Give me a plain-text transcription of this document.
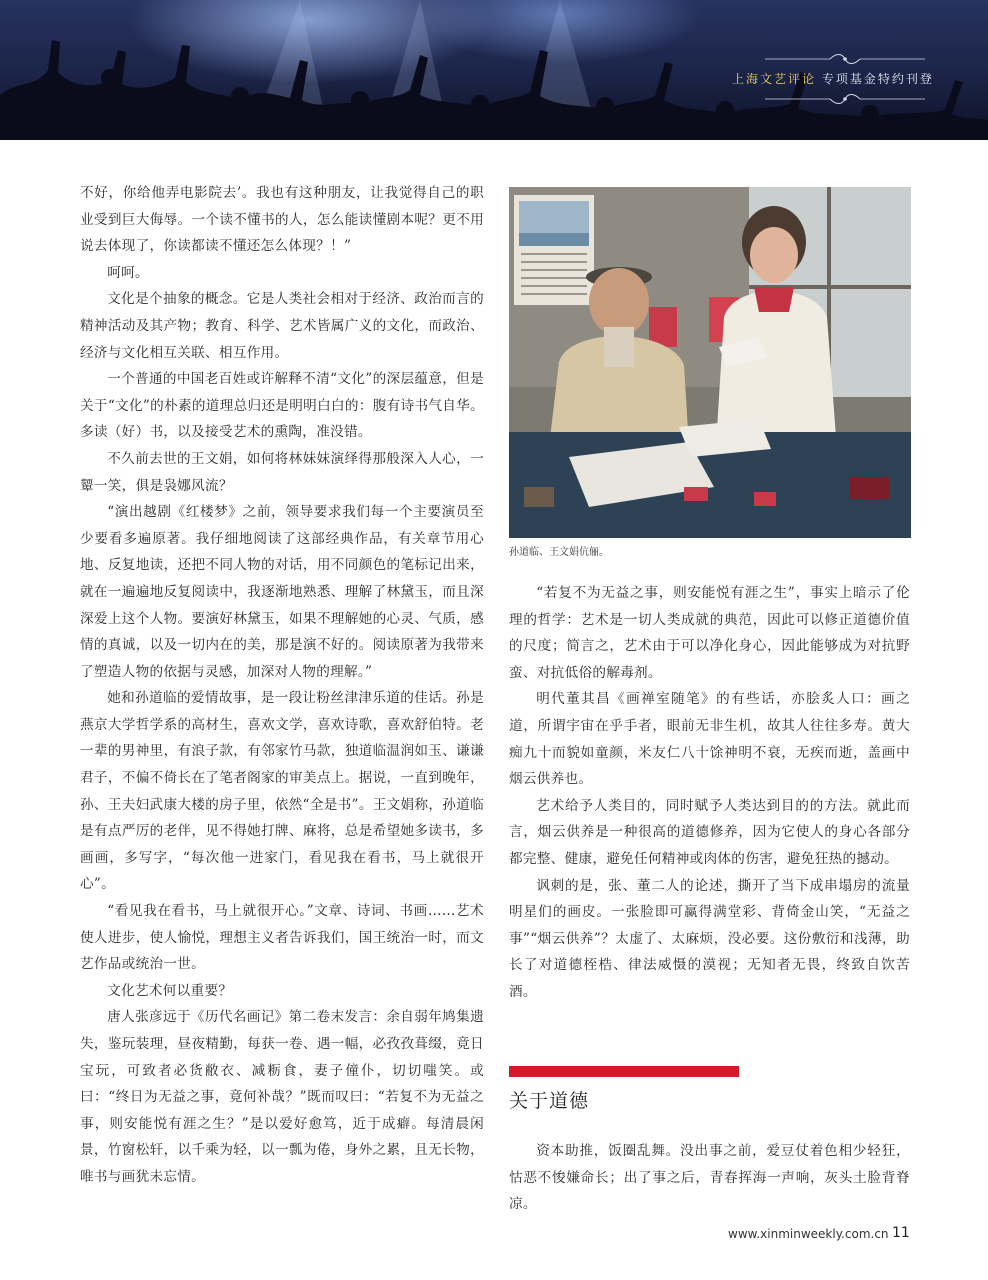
上海文艺评论 专项基金特约刊登

不好，你给他弄电影院去’。我也有这种朋友，让我觉得自己的职业受到巨大侮辱。一个读不懂书的人，怎么能读懂剧本呢？更不用说去体现了，你读都读不懂还怎么体现？！”

呵呵。

文化是个抽象的概念。它是人类社会相对于经济、政治而言的精神活动及其产物；教育、科学、艺术皆属广义的文化，而政治、经济与文化相互关联、相互作用。

一个普通的中国老百姓或许解释不清“文化”的深层蕴意，但是关于“文化”的朴素的道理总归还是明明白白的：腹有诗书气自华。多读（好）书，以及接受艺术的熏陶，准没错。

不久前去世的王文娟，如何将林妹妹演绎得那般深入人心，一颦一笑，俱是袅娜风流？

“演出越剧《红楼梦》之前，领导要求我们每一个主要演员至少要看多遍原著。我仔细地阅读了这部经典作品，有关章节用心地、反复地读，还把不同人物的对话，用不同颜色的笔标记出来，就在一遍遍地反复阅读中，我逐渐地熟悉、理解了林黛玉，而且深深爱上这个人物。要演好林黛玉，如果不理解她的心灵、气质，感情的真诚，以及一切内在的美，那是演不好的。阅读原著为我带来了塑造人物的依据与灵感，加深对人物的理解。”

她和孙道临的爱情故事，是一段让粉丝津津乐道的佳话。孙是燕京大学哲学系的高材生，喜欢文学，喜欢诗歌，喜欢舒伯特。老一辈的男神里，有浪子款，有邻家竹马款，独道临温润如玉、谦谦君子，不偏不倚长在了笔者阁家的审美点上。据说，一直到晚年，孙、王夫妇武康大楼的房子里，依然“全是书”。王文娟称，孙道临是有点严厉的老伴，见不得她打牌、麻将，总是希望她多读书，多画画，多写字，“每次他一进家门，看见我在看书，马上就很开心”。

“看见我在看书，马上就很开心。”文章、诗词、书画……艺术使人进步，使人愉悦，理想主义者告诉我们，国王统治一时，而文艺作品或统治一世。

文化艺术何以重要？

唐人张彦远于《历代名画记》第二卷末发言：余自弱年鸠集遗失，鉴玩装理，昼夜精勤，每获一卷、遇一幅，必孜孜葺缀，竟日宝玩，可致者必货敝衣、减粝食，妻子僮仆，切切嗤笑。或曰：“终日为无益之事，竟何补哉？”既而叹曰：“若复不为无益之事，则安能悦有涯之生？”是以爱好愈笃，近于成癖。每清晨闲景，竹窗松轩，以千乘为轻，以一瓢为倦，身外之累，且无长物，唯书与画犹未忘情。

孙道临、王文娟伉俪。

“若复不为无益之事，则安能悦有涯之生”，事实上暗示了伦理的哲学：艺术是一切人类成就的典范，因此可以修正道德价值的尺度；简言之，艺术由于可以净化身心，因此能够成为对抗野蛮、对抗低俗的解毒剂。

明代董其昌《画禅室随笔》的有些话，亦脍炙人口：画之道，所谓宇宙在乎手者，眼前无非生机，故其人往往多寿。黄大痴九十而貌如童颜，米友仁八十馀神明不衰，无疾而逝，盖画中烟云供养也。

艺术给予人类目的，同时赋予人类达到目的的方法。就此而言，烟云供养是一种很高的道德修养，因为它使人的身心各部分都完整、健康，避免任何精神或肉体的伤害，避免狂热的撼动。

讽刺的是，张、董二人的论述，撕开了当下成串塌房的流量明星们的画皮。一张脸即可赢得满堂彩、背倚金山笑，“无益之事”“烟云供养”？太虚了、太麻烦，没必要。这份敷衍和浅薄，助长了对道德桎梏、律法威慑的漠视；无知者无畏，终致自饮苦酒。

关于道德

资本助推，饭圈乱舞。没出事之前，爱豆仗着色相少轻狂，怙恶不悛嫌命长；出了事之后，青春挥海一声响，灰头土脸背脊凉。

www.xinminweekly.com.cn 11
